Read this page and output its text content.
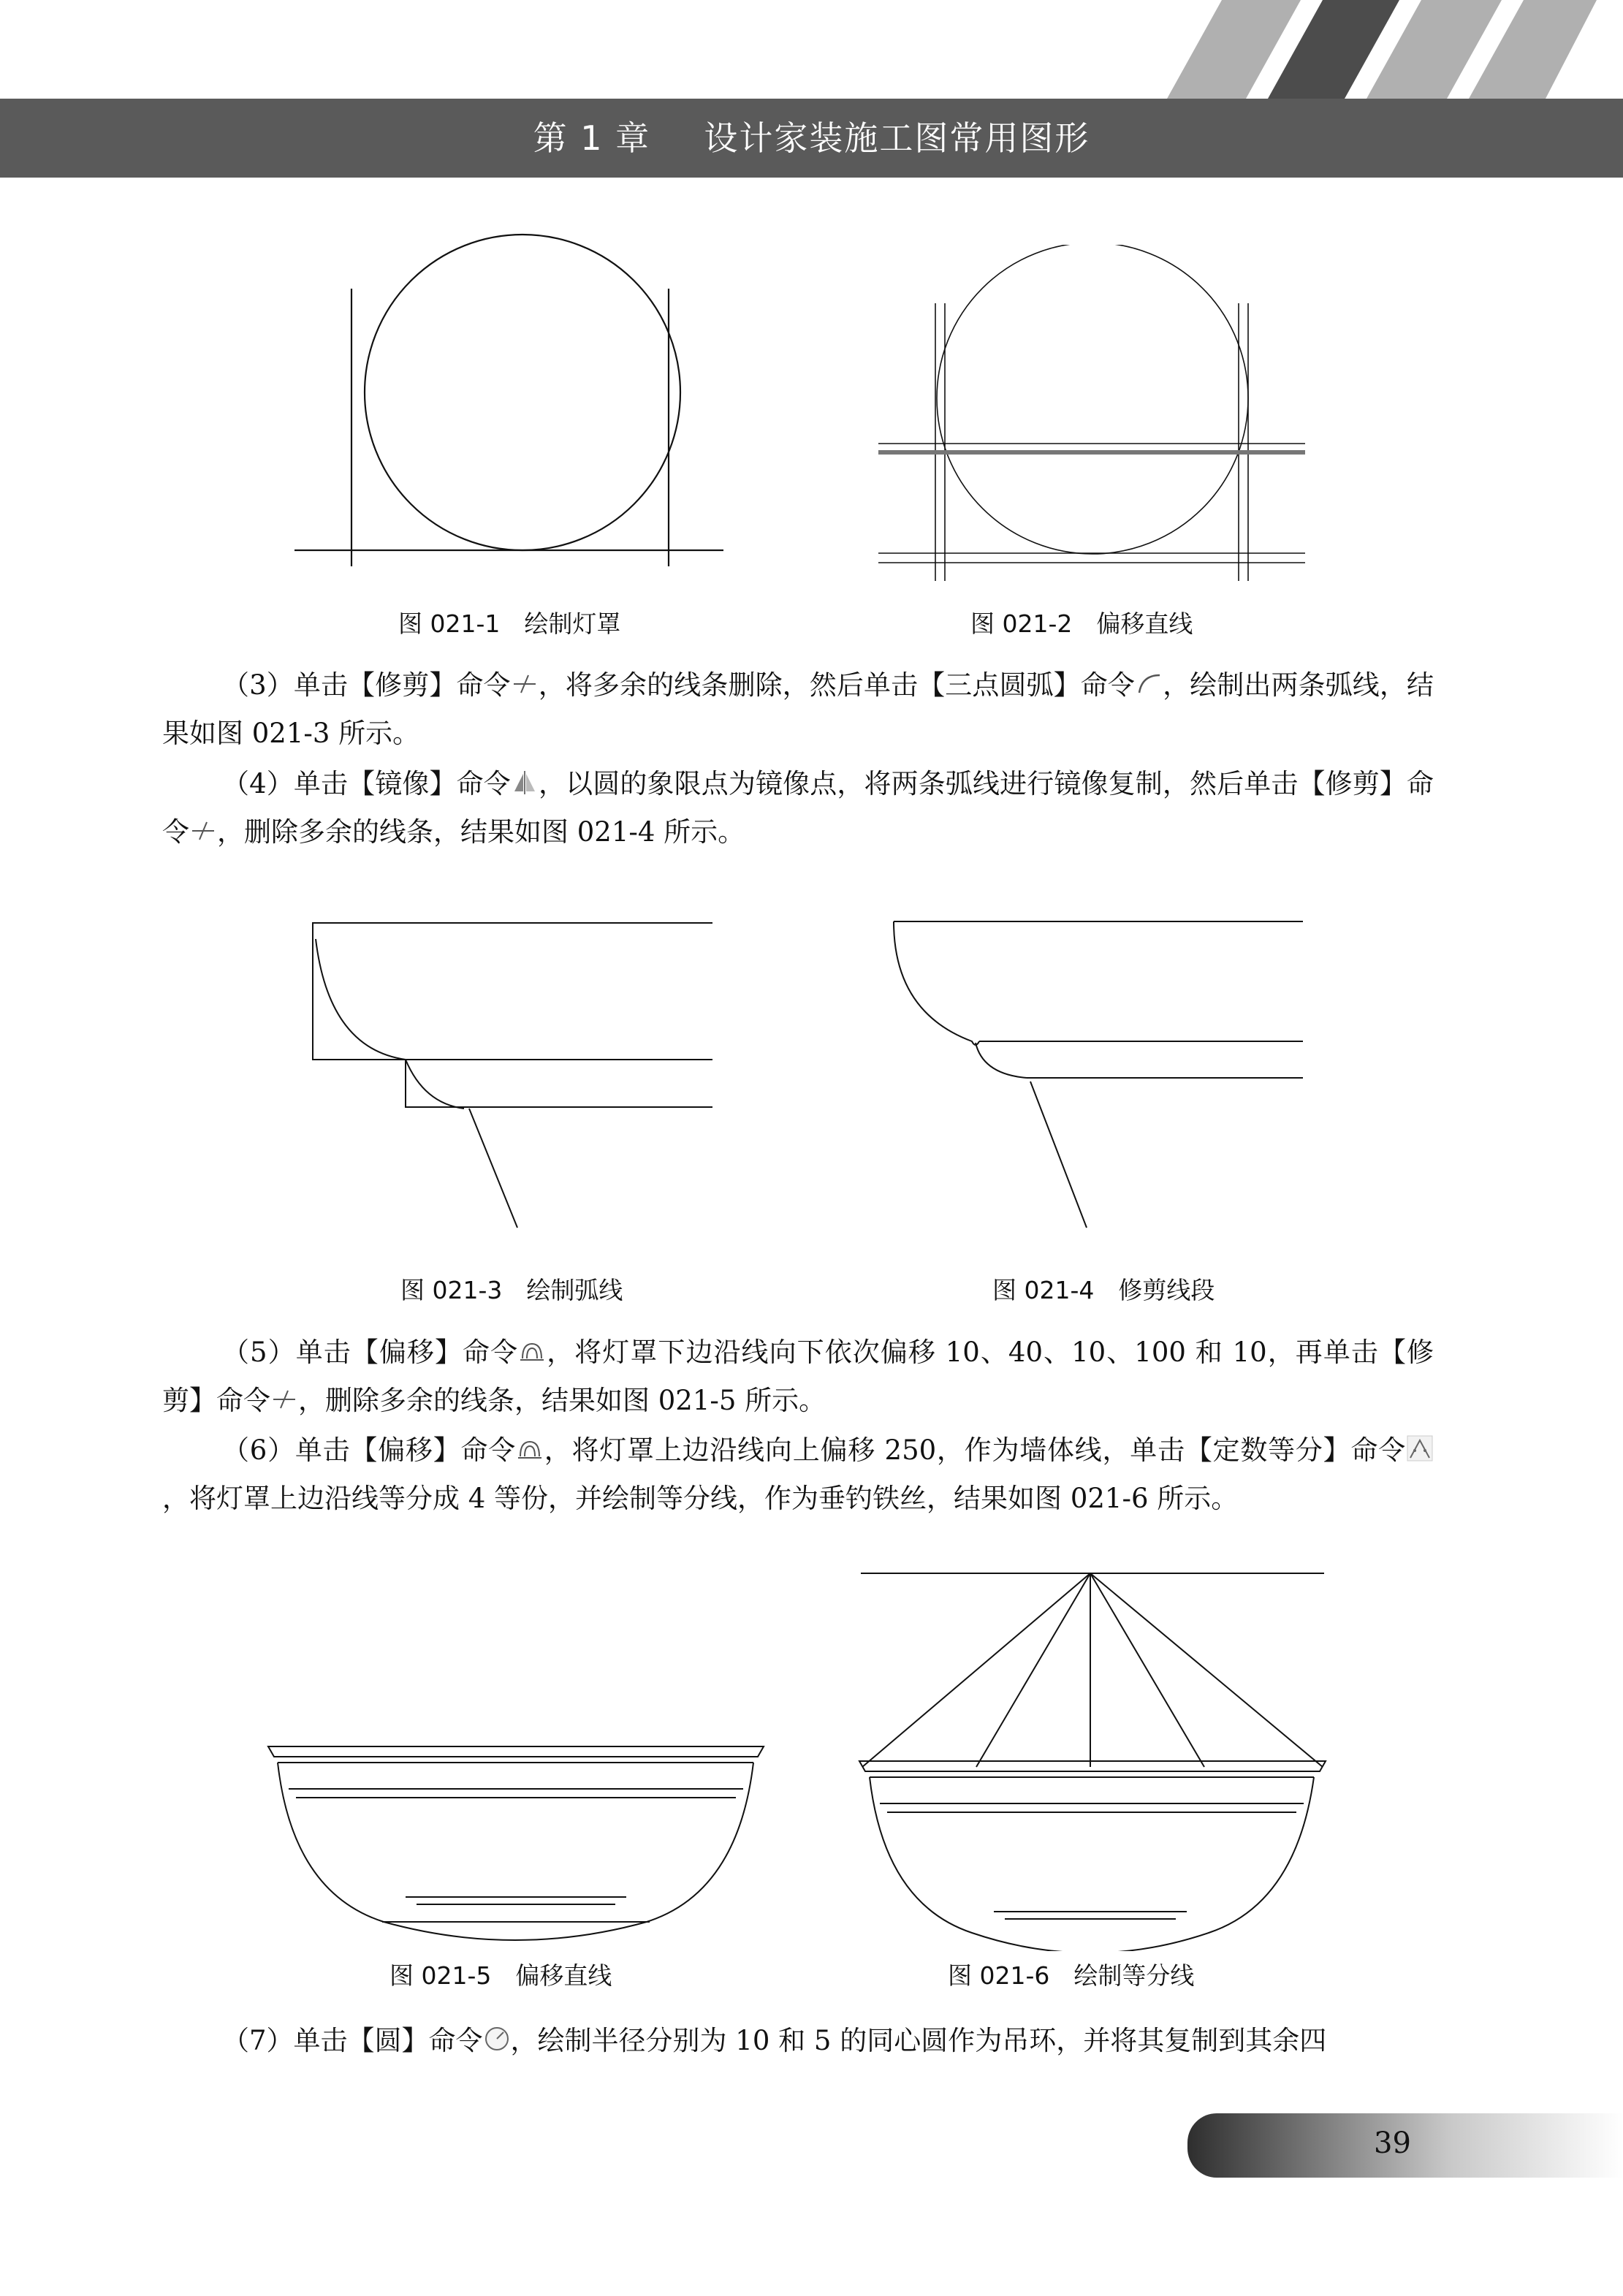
第 1 章 设计家装施工图常用图形
图 021-1　绘制灯罩	图 021-2　偏移直线
（3）单击【修剪】命令 ，将多余的线条删除，然后单击【三点圆弧】命令 ，绘制出两条弧线，结果如图 021-3 所示。
（4）单击【镜像】命令 ，以圆的象限点为镜像点，将两条弧线进行镜像复制，然后单击【修剪】命令 ，删除多余的线条，结果如图 021-4 所示。
图 021-3　绘制弧线	图 021-4　修剪线段
（5）单击【偏移】命令 ，将灯罩下边沿线向下依次偏移 10、40、10、100 和 10，再单击【修剪】命令 ，删除多余的线条，结果如图 021-5 所示。
（6）单击【偏移】命令 ，将灯罩上边沿线向上偏移 250，作为墙体线，单击【定数等分】命令，将灯罩上边沿线等分成 4 等份，并绘制等分线，作为垂钓铁丝，结果如图 021-6 所示。
图 021-5　偏移直线	图 021-6　绘制等分线
（7）单击【圆】命令 ，绘制半径分别为 10 和 5 的同心圆作为吊环，并将其复制到其余四
39
